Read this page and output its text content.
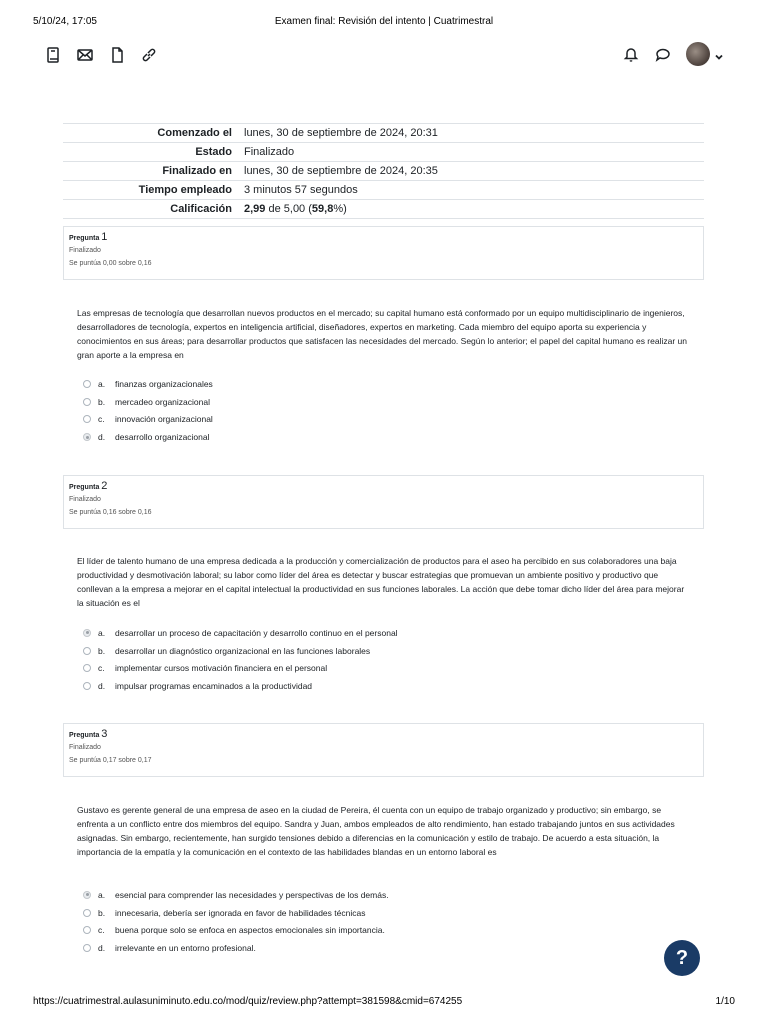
5/10/24, 17:05	Examen final: Revisión del intento | Cuatrimestral
Comenzado el	lunes, 30 de septiembre de 2024, 20:31
Estado	Finalizado
Finalizado en	lunes, 30 de septiembre de 2024, 20:35
Tiempo empleado	3 minutos 57 segundos
Calificación	2,99 de 5,00 (59,8%)
Pregunta 1
Finalizado
Se puntúa 0,00 sobre 0,16
Las empresas de tecnología que desarrollan nuevos productos en el mercado; su capital humano está conformado por un equipo multidisciplinario de ingenieros, desarrolladores de tecnología, expertos en inteligencia artificial, diseñadores, expertos en marketing. Cada miembro del equipo aporta su experiencia y conocimientos en sus áreas; para desarrollar productos que satisfacen las necesidades del mercado. Según lo anterior; el papel del capital humano es realizar un gran aporte a la empresa en
a.	finanzas organizacionales
b.	mercadeo organizacional
c.	innovación organizacional
d.	desarrollo organizacional
Pregunta 2
Finalizado
Se puntúa 0,16 sobre 0,16
El líder de talento humano de una empresa dedicada a la producción y comercialización de productos para el aseo ha percibido en sus colaboradores una baja productividad y desmotivación laboral; su labor como líder del área es detectar y buscar estrategias que promuevan un ambiente positivo y productivo que conllevan a la empresa a mejorar en el capital intelectual la productividad en sus funciones laborales. La acción que debe tomar dicho líder del área para mejorar la situación es el
a.	desarrollar un proceso de capacitación y desarrollo continuo en el personal
b.	desarrollar un diagnóstico organizacional en las funciones laborales
c.	implementar cursos motivación financiera en el personal
d.	impulsar programas encaminados a la productividad
Pregunta 3
Finalizado
Se puntúa 0,17 sobre 0,17
Gustavo es gerente general de una empresa de aseo en la ciudad de Pereira, él cuenta con un equipo de trabajo organizado y productivo; sin embargo, se enfrenta a un conflicto entre dos miembros del equipo. Sandra y Juan, ambos empleados de alto rendimiento, han estado trabajando juntos en sus actividades asignadas. Sin embargo, recientemente, han surgido tensiones debido a diferencias en la comunicación y estilo de trabajo. De acuerdo a esta situación, la importancia de la empatía y la comunicación en el contexto de las habilidades blandas en un entorno laboral es
a.	esencial para comprender las necesidades y perspectivas de los demás.
b.	innecesaria, debería ser ignorada en favor de habilidades técnicas
c.	buena porque solo se enfoca en aspectos emocionales sin importancia.
d.	irrelevante en un entorno profesional.	?
https://cuatrimestral.aulasuniminuto.edu.co/mod/quiz/review.php?attempt=381598&cmid=674255	1/10
